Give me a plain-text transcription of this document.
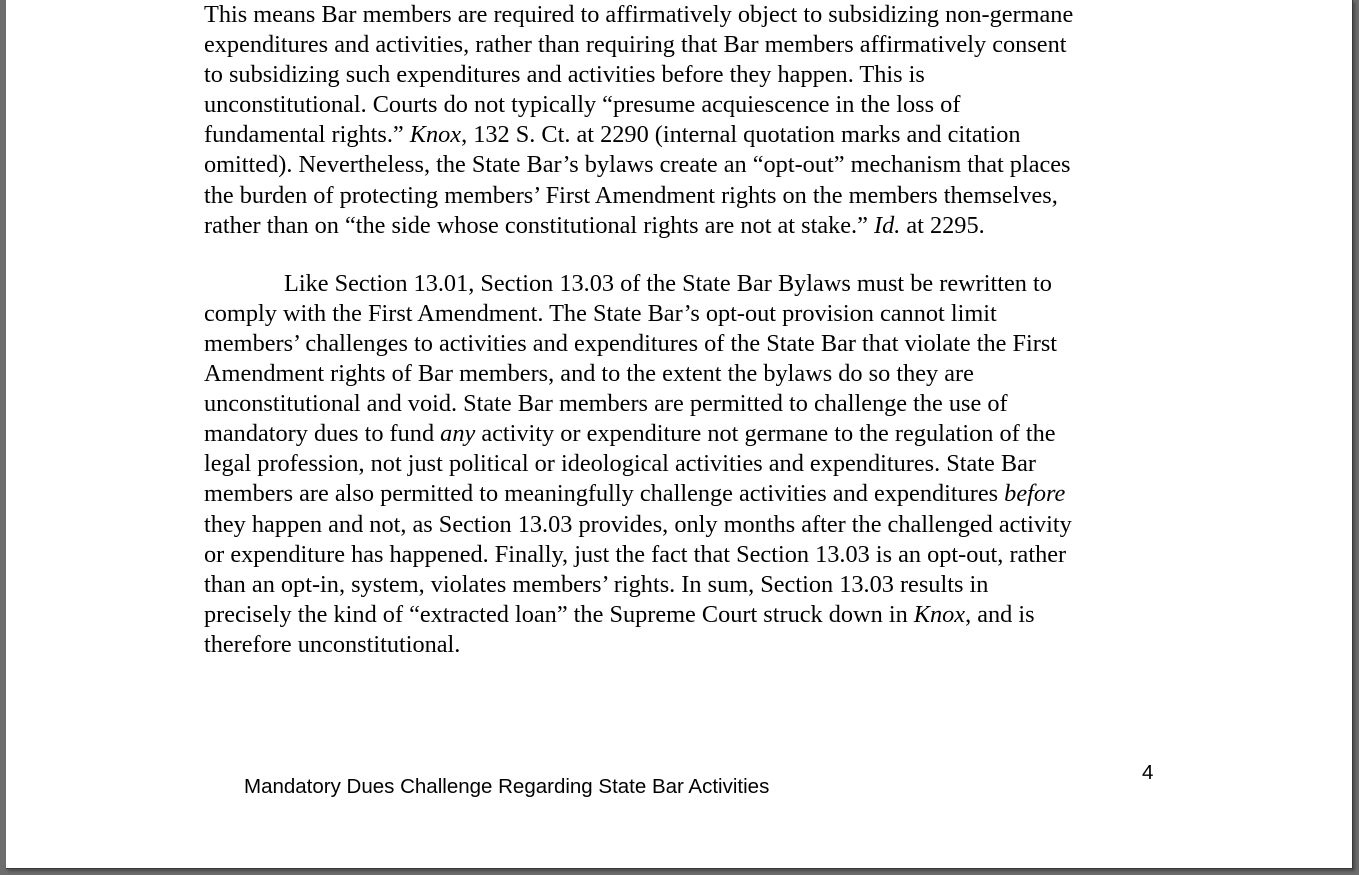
This means Bar members are required to affirmatively object to subsidizing non-germane
expenditures and activities, rather than requiring that Bar members affirmatively consent
to subsidizing such expenditures and activities before they happen. This is
unconstitutional. Courts do not typically “presume acquiescence in the loss of
fundamental rights.” Knox, 132 S. Ct. at 2290 (internal quotation marks and citation
omitted). Nevertheless, the State Bar’s bylaws create an “opt-out” mechanism that places
the burden of protecting members’ First Amendment rights on the members themselves,
rather than on “the side whose constitutional rights are not at stake.” Id. at 2295.
Like Section 13.01, Section 13.03 of the State Bar Bylaws must be rewritten to
comply with the First Amendment. The State Bar’s opt-out provision cannot limit
members’ challenges to activities and expenditures of the State Bar that violate the First
Amendment rights of Bar members, and to the extent the bylaws do so they are
unconstitutional and void. State Bar members are permitted to challenge the use of
mandatory dues to fund any activity or expenditure not germane to the regulation of the
legal profession, not just political or ideological activities and expenditures. State Bar
members are also permitted to meaningfully challenge activities and expenditures before
they happen and not, as Section 13.03 provides, only months after the challenged activity
or expenditure has happened. Finally, just the fact that Section 13.03 is an opt-out, rather
than an opt-in, system, violates members’ rights. In sum, Section 13.03 results in
precisely the kind of “extracted loan” the Supreme Court struck down in Knox, and is
therefore unconstitutional.
Mandatory Dues Challenge Regarding State Bar Activities
4
